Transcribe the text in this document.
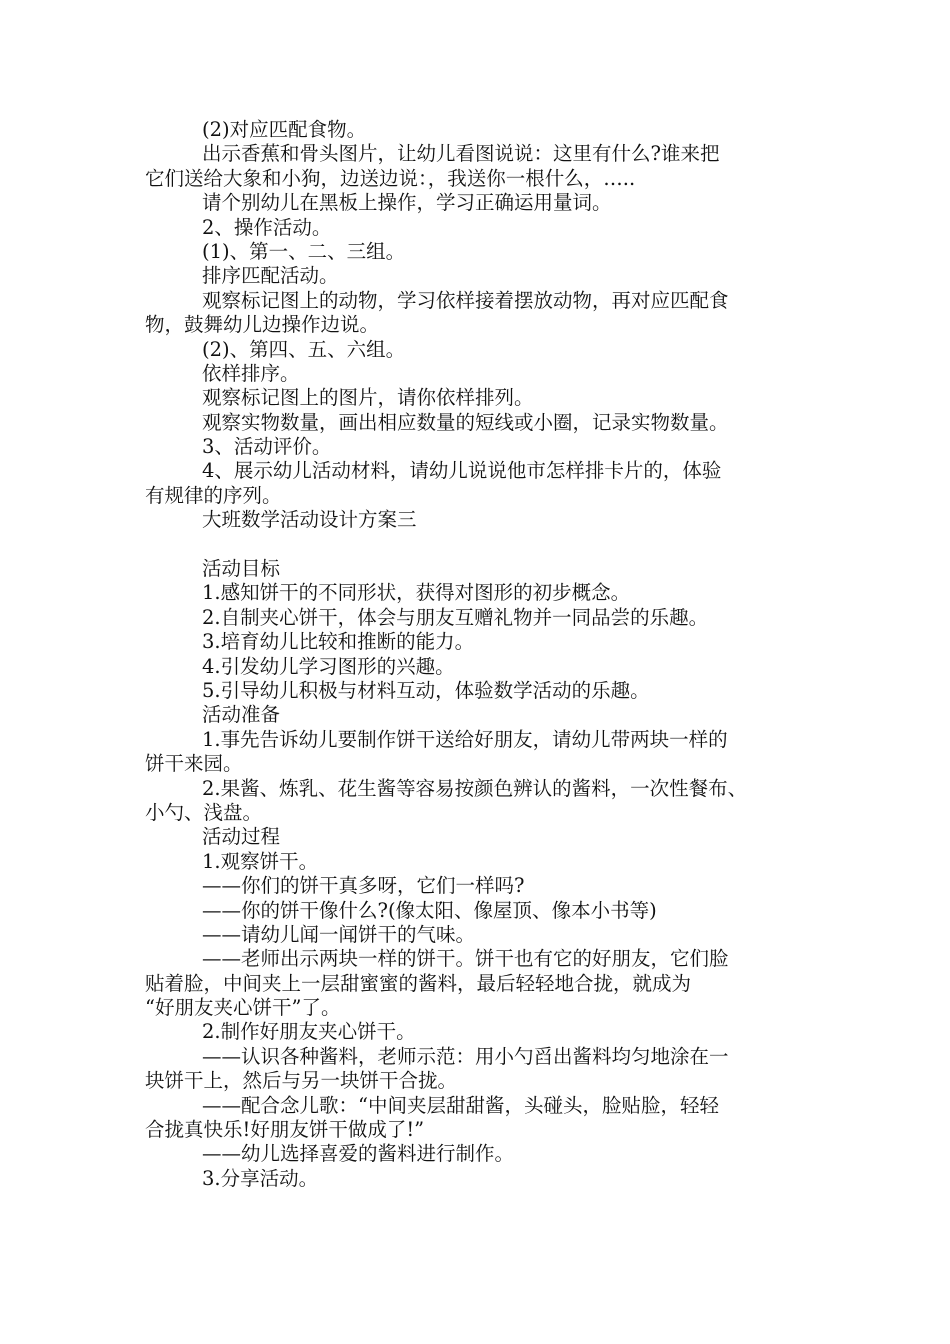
(2)对应匹配食物。
出示香蕉和骨头图片，让幼儿看图说说：这里有什么?谁来把
它们送给大象和小狗，边送边说：，我送你一根什么，…..
请个别幼儿在黑板上操作，学习正确运用量词。
2、操作活动。
(1)、第一、二、三组。
排序匹配活动。
观察标记图上的动物，学习依样接着摆放动物，再对应匹配食
物，鼓舞幼儿边操作边说。
(2)、第四、五、六组。
依样排序。
观察标记图上的图片，请你依样排列。
观察实物数量，画出相应数量的短线或小圈，记录实物数量。
3、活动评价。
4、展示幼儿活动材料，请幼儿说说他市怎样排卡片的，体验
有规律的序列。
大班数学活动设计方案三
活动目标
1.感知饼干的不同形状，获得对图形的初步概念。
2.自制夹心饼干，体会与朋友互赠礼物并一同品尝的乐趣。
3.培育幼儿比较和推断的能力。
4.引发幼儿学习图形的兴趣。
5.引导幼儿积极与材料互动，体验数学活动的乐趣。
活动准备
1.事先告诉幼儿要制作饼干送给好朋友，请幼儿带两块一样的
饼干来园。
2.果酱、炼乳、花生酱等容易按颜色辨认的酱料，一次性餐布、
小勺、浅盘。
活动过程
1.观察饼干。
——你们的饼干真多呀，它们一样吗?
——你的饼干像什么?(像太阳、像屋顶、像本小书等)
——请幼儿闻一闻饼干的气味。
——老师出示两块一样的饼干。饼干也有它的好朋友，它们脸
贴着脸，中间夹上一层甜蜜蜜的酱料，最后轻轻地合拢，就成为
“好朋友夹心饼干”了。
2.制作好朋友夹心饼干。
——认识各种酱料，老师示范：用小勺舀出酱料均匀地涂在一
块饼干上，然后与另一块饼干合拢。
——配合念儿歌：“中间夹层甜甜酱，头碰头，脸贴脸，轻轻
合拢真快乐!好朋友饼干做成了!”
——幼儿选择喜爱的酱料进行制作。
3.分享活动。
